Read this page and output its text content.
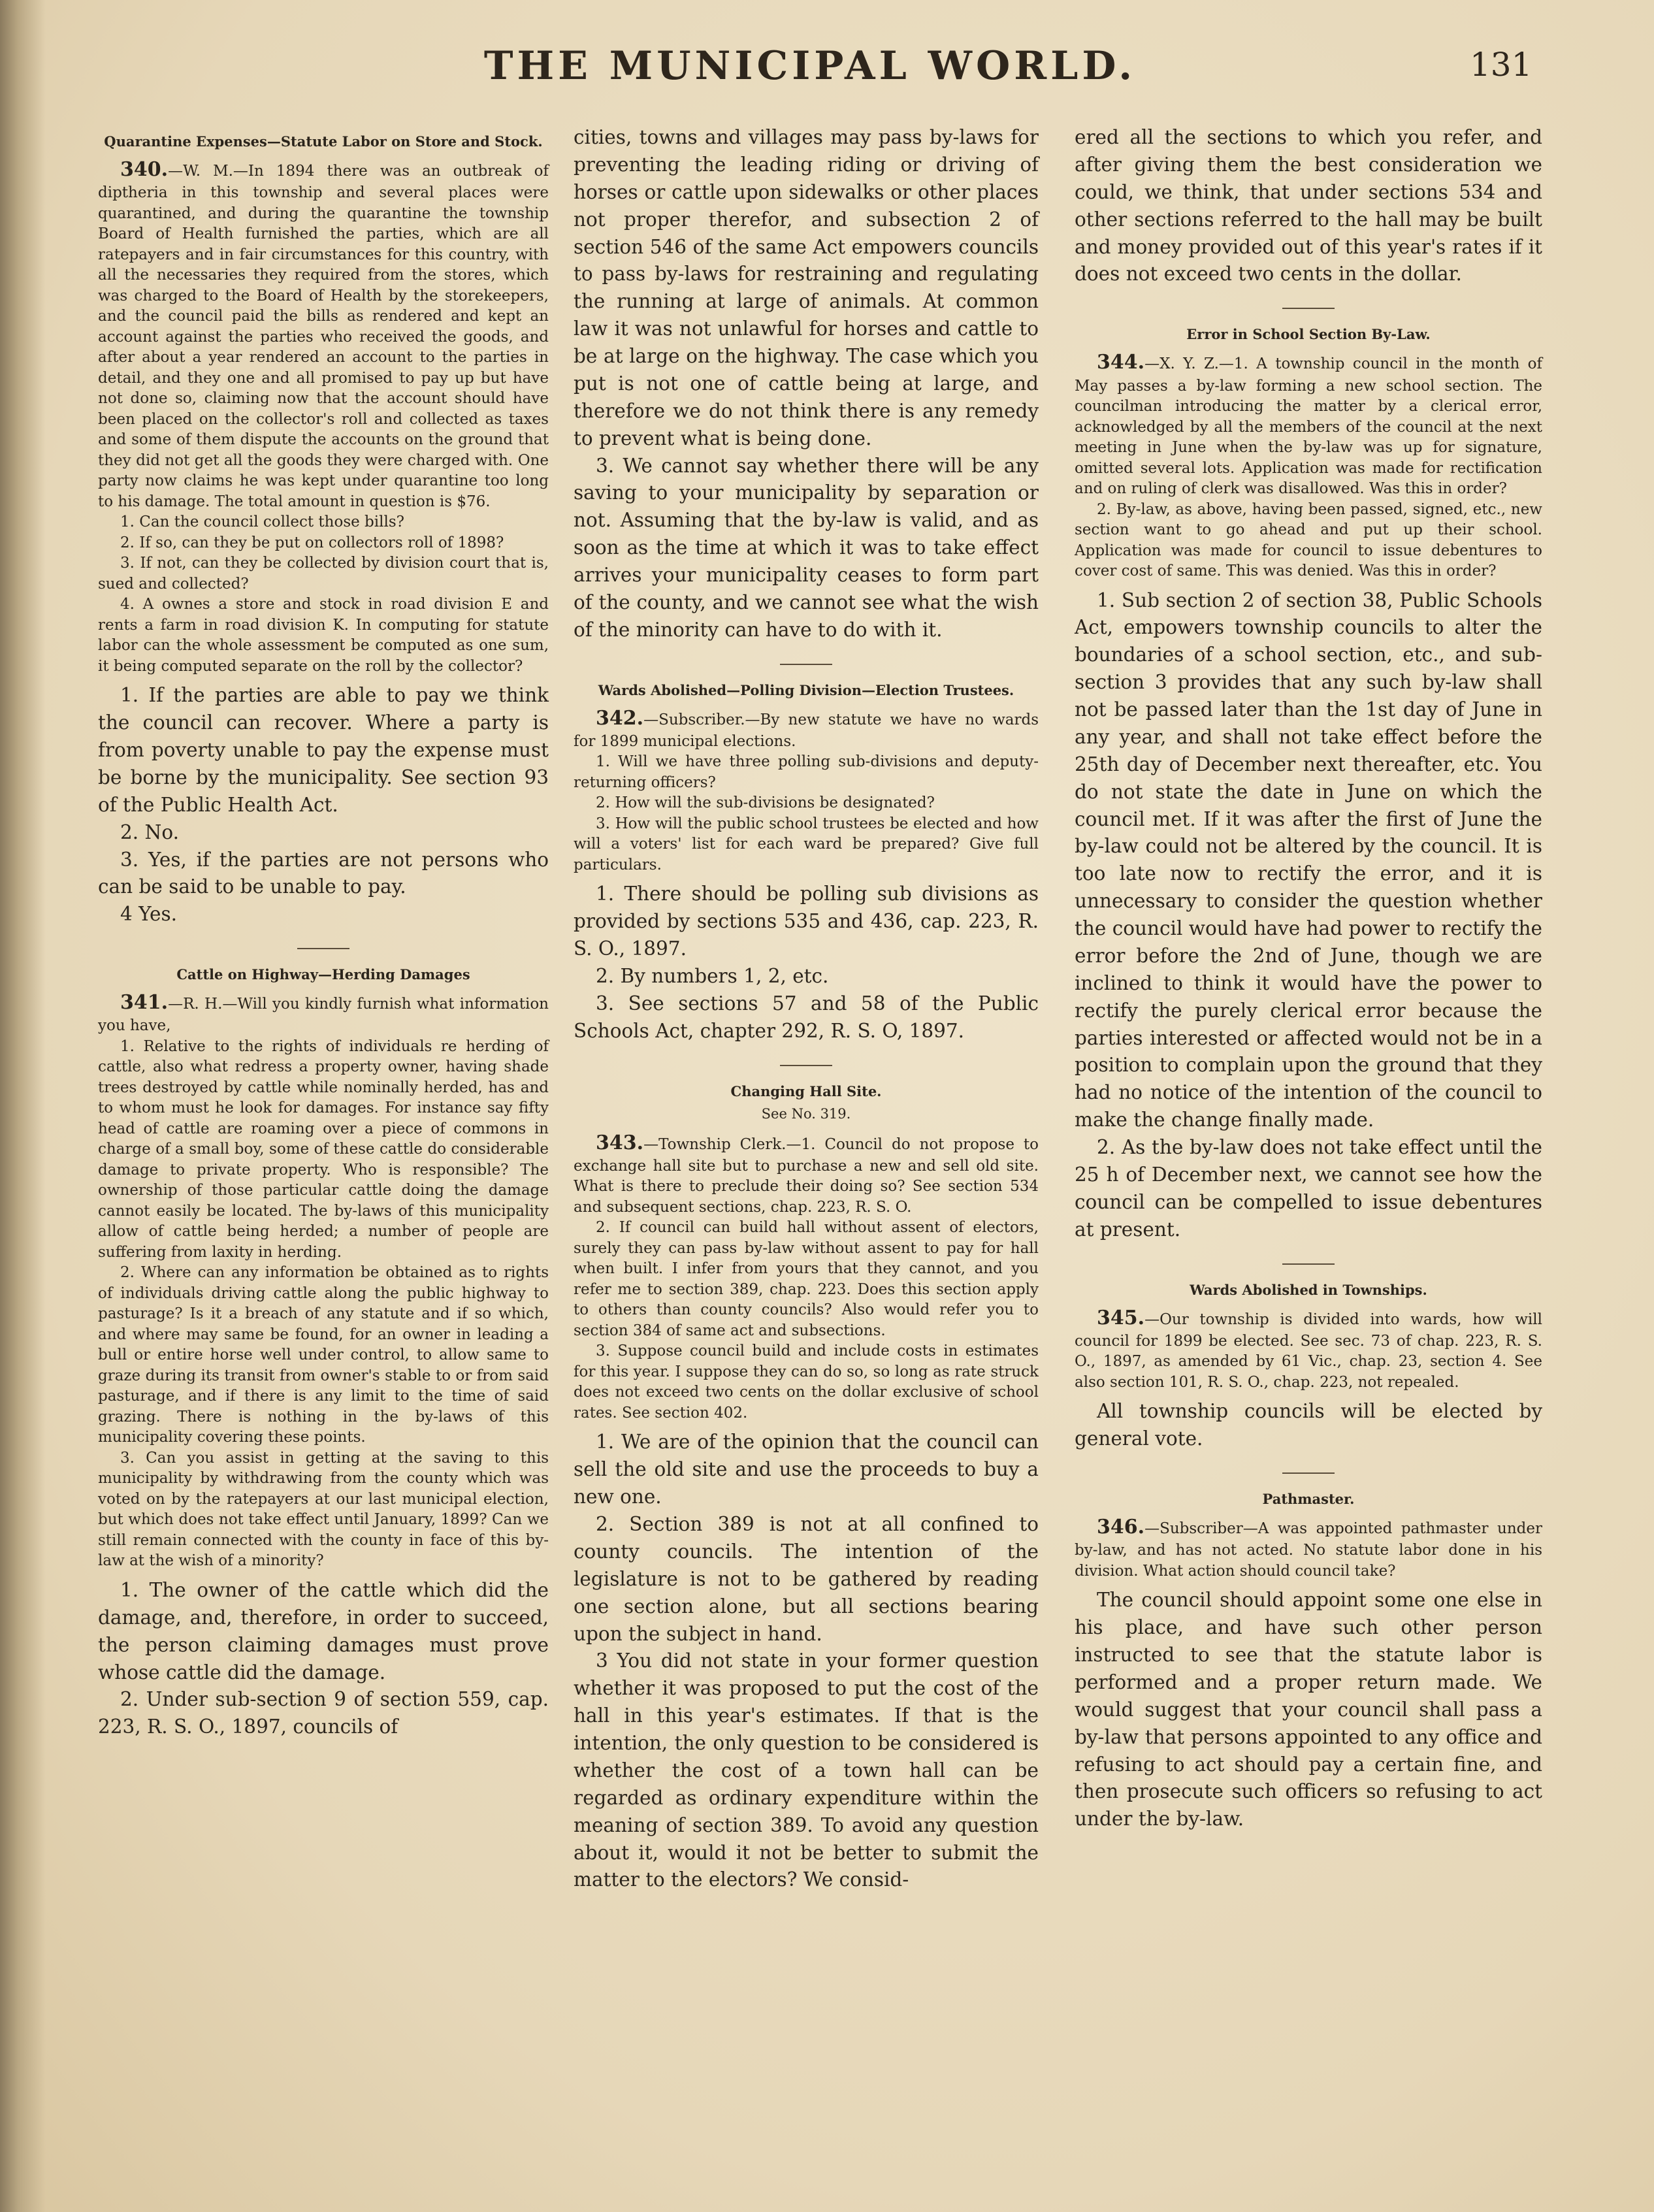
THE MUNICIPAL WORLD.	131
Quarantine Expenses—Statute Labor on Store and Stock.

340.—W. M.—In 1894 there was an outbreak of diptheria in this township and several places were quarantined, and during the quarantine the township Board of Health furnished the parties, which are all ratepayers and in fair circumstances for this country, with all the necessaries they required from the stores, which was charged to the Board of Health by the storekeepers, and the council paid the bills as rendered and kept an account against the parties who received the goods, and after about a year rendered an account to the parties in detail, and they one and all promised to pay up but have not done so, claiming now that the account should have been placed on the collector's roll and collected as taxes and some of them dispute the accounts on the ground that they did not get all the goods they were charged with. One party now claims he was kept under quarantine too long to his damage. The total amount in question is $76.

1. Can the council collect those bills?

2. If so, can they be put on collectors roll of 1898?

3. If not, can they be collected by division court that is, sued and collected?

4. A ownes a store and stock in road division E and rents a farm in road division K. In computing for statute labor can the whole assessment be computed as one sum, it being computed separate on the roll by the collector?

1. If the parties are able to pay we think the council can recover. Where a party is from poverty unable to pay the expense must be borne by the municipality. See section 93 of the Public Health Act.

2. No.

3. Yes, if the parties are not persons who can be said to be unable to pay.

4 Yes.

Cattle on Highway—Herding Damages

341.—R. H.—Will you kindly furnish what information you have,

1. Relative to the rights of individuals re herding of cattle, also what redress a property owner, having shade trees destroyed by cattle while nominally herded, has and to whom must he look for damages. For instance say fifty head of cattle are roaming over a piece of commons in charge of a small boy, some of these cattle do considerable damage to private property. Who is responsible? The ownership of those particular cattle doing the damage cannot easily be located. The by-laws of this municipality allow of cattle being herded; a number of people are suffering from laxity in herding.

2. Where can any information be obtained as to rights of individuals driving cattle along the public highway to pasturage? Is it a breach of any statute and if so which, and where may same be found, for an owner in leading a bull or entire horse well under control, to allow same to graze during its transit from owner's stable to or from said pasturage, and if there is any limit to the time of said grazing. There is nothing in the by-laws of this municipality covering these points.

3. Can you assist in getting at the saving to this municipality by withdrawing from the county which was voted on by the ratepayers at our last municipal election, but which does not take effect until January, 1899? Can we still remain connected with the county in face of this by-law at the wish of a minority?

1. The owner of the cattle which did the damage, and, therefore, in order to succeed, the person claiming damages must prove whose cattle did the damage.

2. Under sub-section 9 of section 559, cap. 223, R. S. O., 1897, councils of

cities, towns and villages may pass by-laws for preventing the leading riding or driving of horses or cattle upon sidewalks or other places not proper therefor, and subsection 2 of section 546 of the same Act empowers councils to pass by-laws for restraining and regulating the running at large of animals. At common law it was not unlawful for horses and cattle to be at large on the highway. The case which you put is not one of cattle being at large, and therefore we do not think there is any remedy to prevent what is being done.

3. We cannot say whether there will be any saving to your municipality by separation or not. Assuming that the by-law is valid, and as soon as the time at which it was to take effect arrives your municipality ceases to form part of the county, and we cannot see what the wish of the minority can have to do with it.

Wards Abolished—Polling Division—Election Trustees.

342.—Subscriber.—By new statute we have no wards for 1899 municipal elections.

1. Will we have three polling sub-divisions and deputy-returning officers?

2. How will the sub-divisions be designated?

3. How will the public school trustees be elected and how will a voters' list for each ward be prepared? Give full particulars.

1. There should be polling sub divisions as provided by sections 535 and 436, cap. 223, R. S. O., 1897.

2. By numbers 1, 2, etc.

3. See sections 57 and 58 of the Public Schools Act, chapter 292, R. S. O, 1897.

Changing Hall Site.
See No. 319.

343.—Township Clerk.—1. Council do not propose to exchange hall site but to purchase a new and sell old site. What is there to preclude their doing so? See section 534 and subsequent sections, chap. 223, R. S. O.

2. If council can build hall without assent of electors, surely they can pass by-law without assent to pay for hall when built. I infer from yours that they cannot, and you refer me to section 389, chap. 223. Does this section apply to others than county councils? Also would refer you to section 384 of same act and subsections.

3. Suppose council build and include costs in estimates for this year. I suppose they can do so, so long as rate struck does not exceed two cents on the dollar exclusive of school rates. See section 402.

1. We are of the opinion that the council can sell the old site and use the proceeds to buy a new one.

2. Section 389 is not at all confined to county councils. The intention of the legislature is not to be gathered by reading one section alone, but all sections bearing upon the subject in hand.

3 You did not state in your former question whether it was proposed to put the cost of the hall in this year's estimates. If that is the intention, the only question to be considered is whether the cost of a town hall can be regarded as ordinary expenditure within the meaning of section 389. To avoid any question about it, would it not be better to submit the matter to the electors? We consid-

ered all the sections to which you refer, and after giving them the best consideration we could, we think, that under sections 534 and other sections referred to the hall may be built and money provided out of this year's rates if it does not exceed two cents in the dollar.

Error in School Section By-Law.

344.—X. Y. Z.—1. A township council in the month of May passes a by-law forming a new school section. The councilman introducing the matter by a clerical error, acknowledged by all the members of the council at the next meeting in June when the by-law was up for signature, omitted several lots. Application was made for rectification and on ruling of clerk was disallowed. Was this in order?

2. By-law, as above, having been passed, signed, etc., new section want to go ahead and put up their school. Application was made for council to issue debentures to cover cost of same. This was denied. Was this in order?

1. Sub section 2 of section 38, Public Schools Act, empowers township councils to alter the boundaries of a school section, etc., and sub-section 3 provides that any such by-law shall not be passed later than the 1st day of June in any year, and shall not take effect before the 25th day of December next thereafter, etc. You do not state the date in June on which the council met. If it was after the first of June the by-law could not be altered by the council. It is too late now to rectify the error, and it is unnecessary to consider the question whether the council would have had power to rectify the error before the 2nd of June, though we are inclined to think it would have the power to rectify the purely clerical error because the parties interested or affected would not be in a position to complain upon the ground that they had no notice of the intention of the council to make the change finally made.

2. As the by-law does not take effect until the 25 h of December next, we cannot see how the council can be compelled to issue debentures at present.

Wards Abolished in Townships.

345.—Our township is divided into wards, how will council for 1899 be elected. See sec. 73 of chap. 223, R. S. O., 1897, as amended by 61 Vic., chap. 23, section 4. See also section 101, R. S. O., chap. 223, not repealed.

All township councils will be elected by general vote.

Pathmaster.

346.—Subscriber—A was appointed pathmaster under by-law, and has not acted. No statute labor done in his division. What action should council take?

The council should appoint some one else in his place, and have such other person instructed to see that the statute labor is performed and a proper return made. We would suggest that your council shall pass a by-law that persons appointed to any office and refusing to act should pay a certain fine, and then prosecute such officers so refusing to act under the by-law.
